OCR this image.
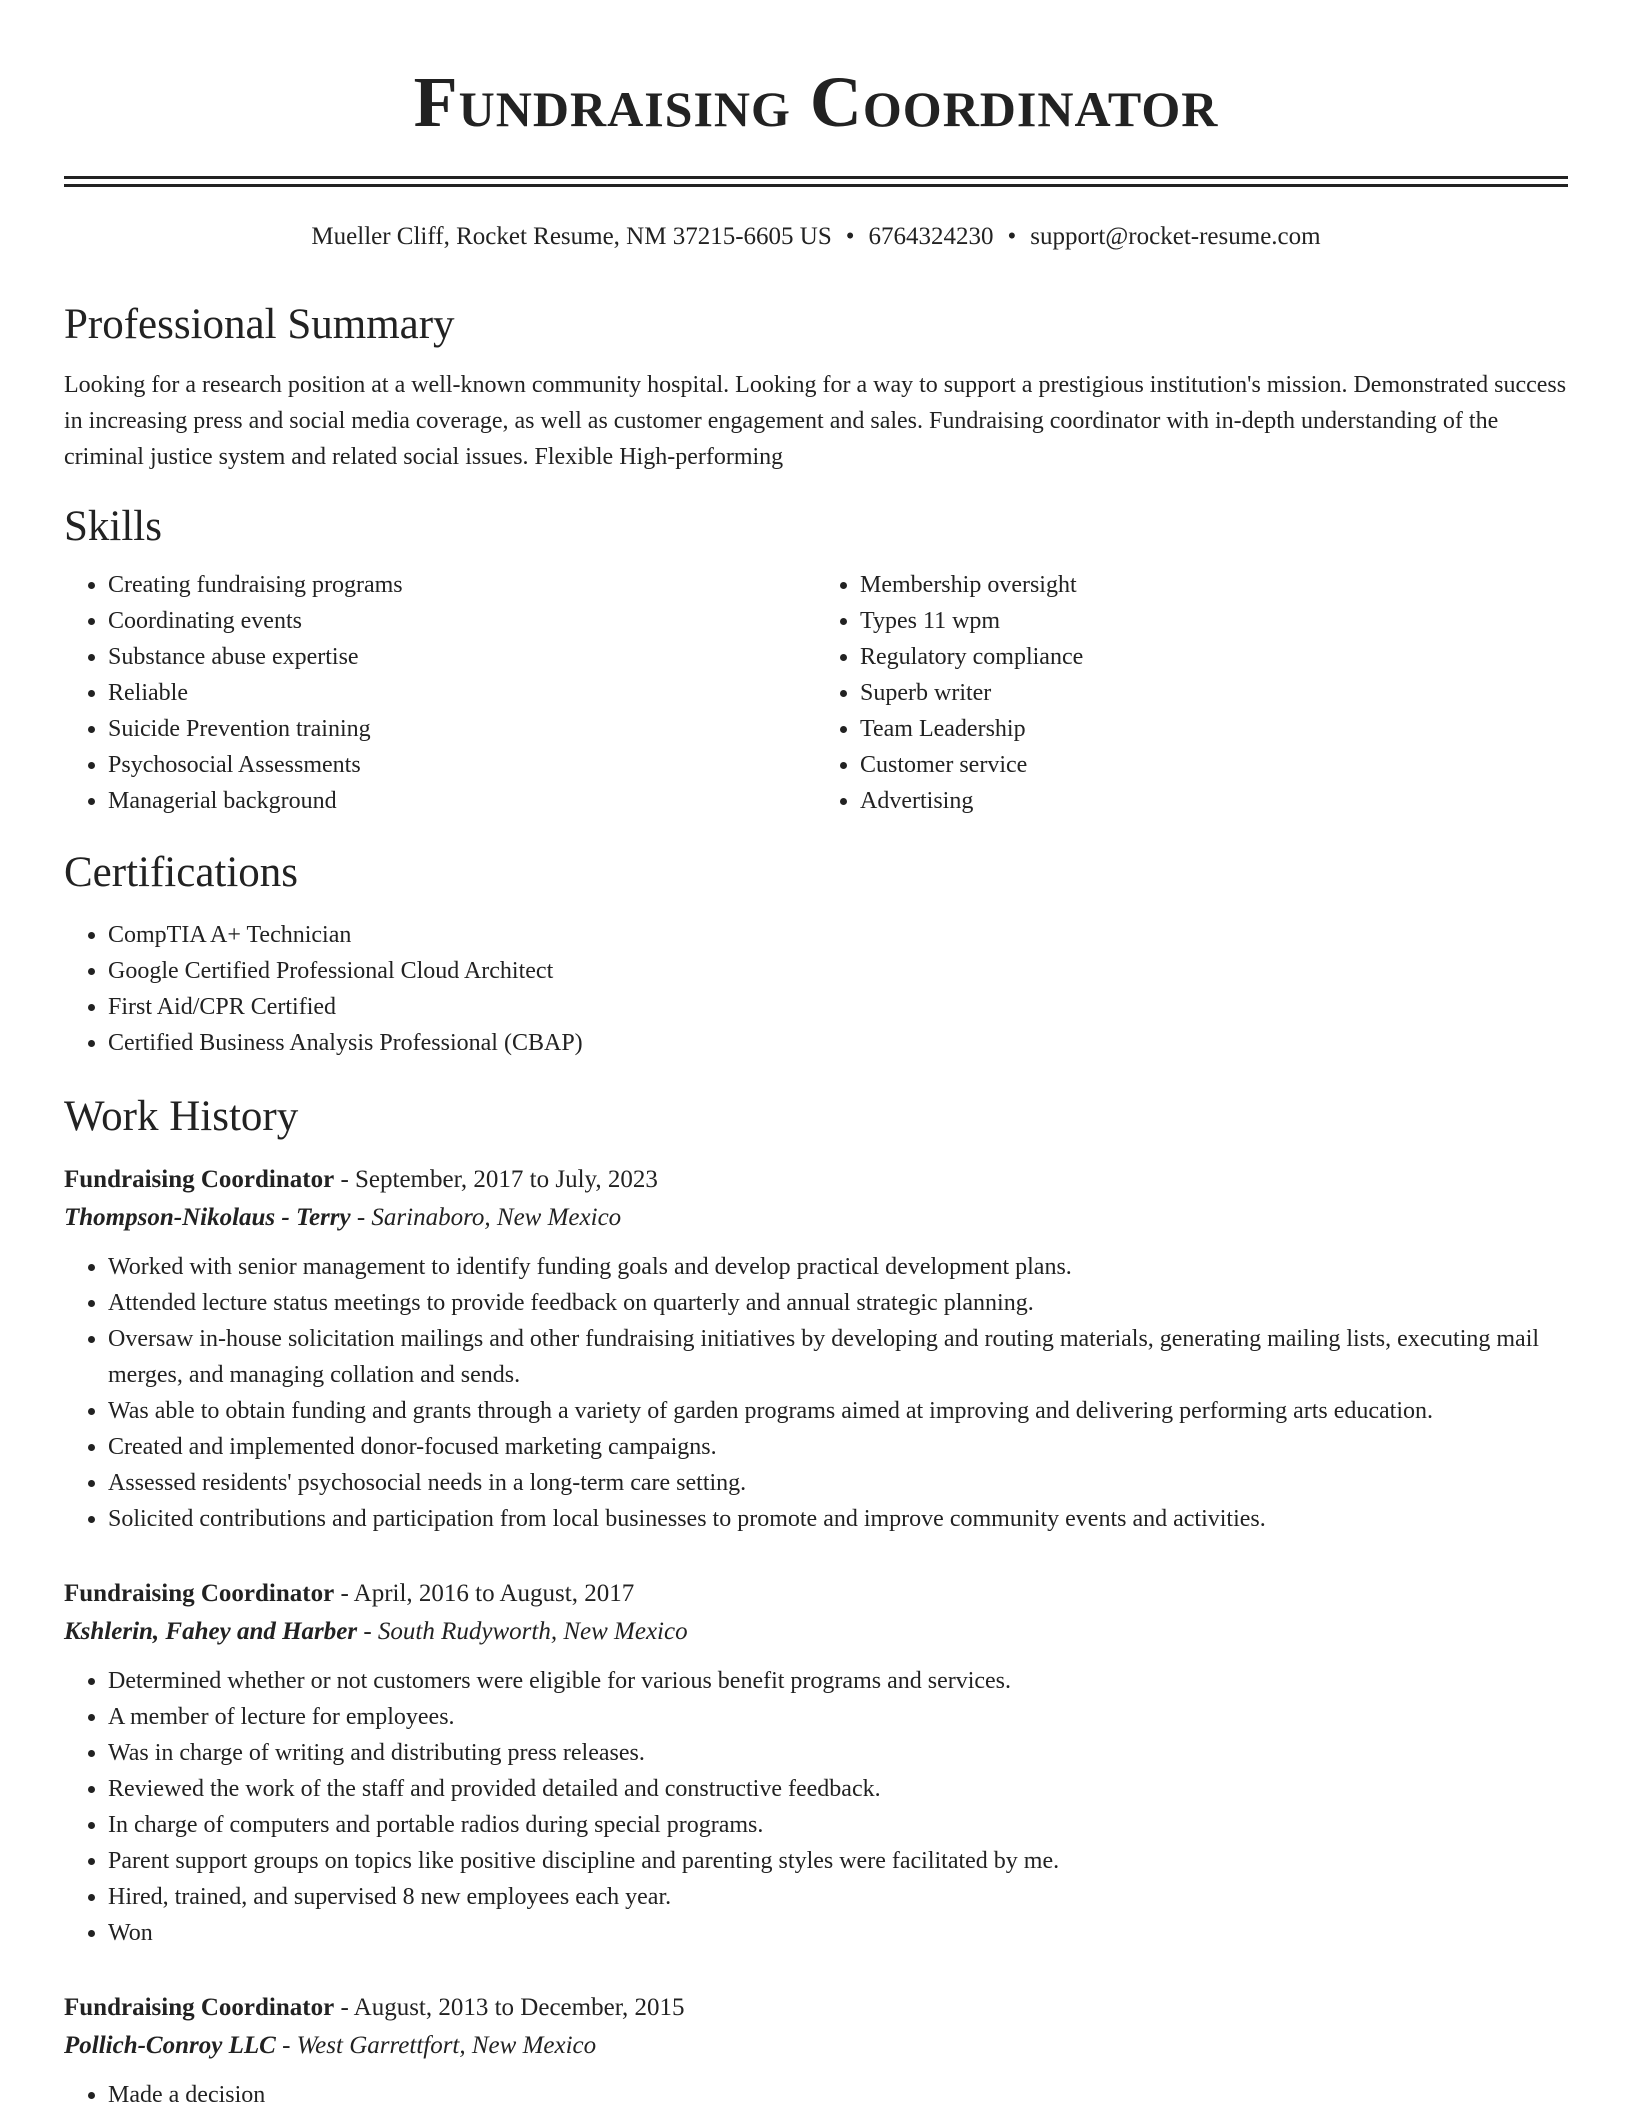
Fundraising Coordinator
Mueller Cliff, Rocket Resume, NM 37215-6605 US • 6764324230 • support@rocket-resume.com
Professional Summary

Looking for a research position at a well-known community hospital. Looking for a way to support a prestigious institution's mission. Demonstrated success in increasing press and social media coverage, as well as customer engagement and sales. Fundraising coordinator with in-depth understanding of the criminal justice system and related social issues. Flexible High-performing

Skills
• Creating fundraising programs
• Coordinating events
• Substance abuse expertise
• Reliable
• Suicide Prevention training
• Psychosocial Assessments
• Managerial background
• Membership oversight
• Types 11 wpm
• Regulatory compliance
• Superb writer
• Team Leadership
• Customer service
• Advertising
Certifications
• CompTIA A+ Technician
• Google Certified Professional Cloud Architect
• First Aid/CPR Certified
• Certified Business Analysis Professional (CBAP)
Work History
Fundraising Coordinator - September, 2017 to July, 2023
Thompson-Nikolaus - Terry - Sarinaboro, New Mexico
• Worked with senior management to identify funding goals and develop practical development plans.
• Attended lecture status meetings to provide feedback on quarterly and annual strategic planning.
• Oversaw in-house solicitation mailings and other fundraising initiatives by developing and routing materials, generating mailing lists, executing mail merges, and managing collation and sends.
• Was able to obtain funding and grants through a variety of garden programs aimed at improving and delivering performing arts education.
• Created and implemented donor-focused marketing campaigns.
• Assessed residents' psychosocial needs in a long-term care setting.
• Solicited contributions and participation from local businesses to promote and improve community events and activities.
Fundraising Coordinator - April, 2016 to August, 2017
Kshlerin, Fahey and Harber - South Rudyworth, New Mexico
• Determined whether or not customers were eligible for various benefit programs and services.
• A member of lecture for employees.
• Was in charge of writing and distributing press releases.
• Reviewed the work of the staff and provided detailed and constructive feedback.
• In charge of computers and portable radios during special programs.
• Parent support groups on topics like positive discipline and parenting styles were facilitated by me.
• Hired, trained, and supervised 8 new employees each year.
• Won
Fundraising Coordinator - August, 2013 to December, 2015
Pollich-Conroy LLC - West Garrettfort, New Mexico
• Made a decision
